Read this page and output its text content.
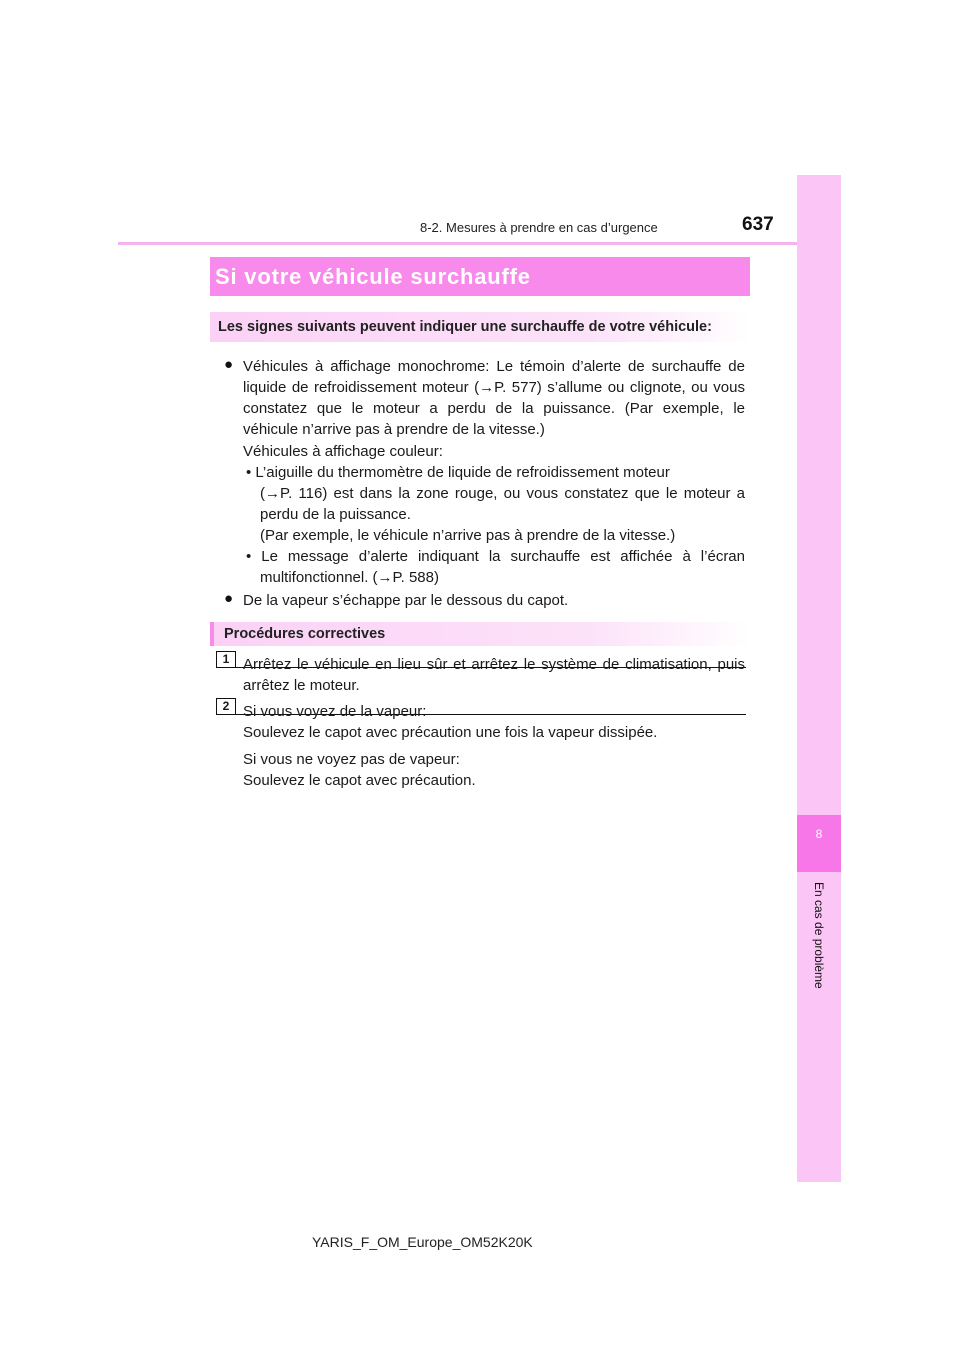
8-2. Mesures à prendre en cas d’urgence	637
8
En cas de problème
Si votre véhicule surchauffe
Les signes suivants peuvent indiquer une surchauffe de votre véhicule:
● Véhicules à affichage monochrome: Le témoin d’alerte de surchauffe de
liquide de refroidissement moteur (→P. 577) s’allume ou clignote, ou vous
constatez que le moteur a perdu de la puissance. (Par exemple, le
véhicule n’arrive pas à prendre de la vitesse.)
Véhicules à affichage couleur:
• L’aiguille du thermomètre de liquide de refroidissement moteur
(→P. 116) est dans la zone rouge, ou vous constatez que le moteur a
perdu de la puissance.
(Par exemple, le véhicule n’arrive pas à prendre de la vitesse.)
• Le message d’alerte indiquant la surchauffe est affichée à l’écran
multifonctionnel. (→P. 588)
● De la vapeur s’échappe par le dessous du capot.
Procédures correctives
1 Arrêtez le véhicule en lieu sûr et arrêtez le système de climatisation, puis
arrêtez le moteur.
2 Si vous voyez de la vapeur:
Soulevez le capot avec précaution une fois la vapeur dissipée.
Si vous ne voyez pas de vapeur:
Soulevez le capot avec précaution.
YARIS_F_OM_Europe_OM52K20K
